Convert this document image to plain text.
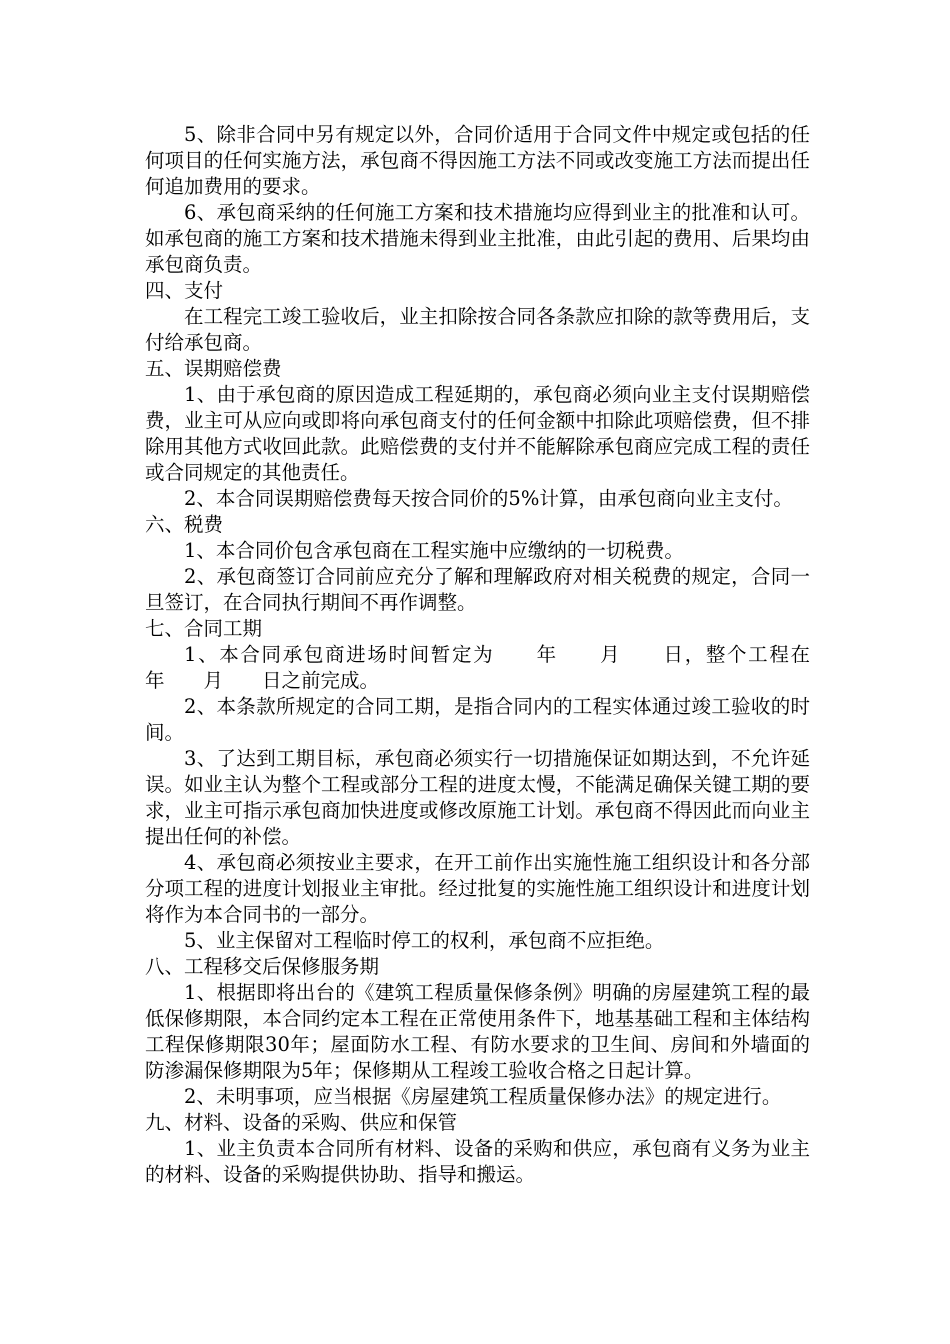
5、除非合同中另有规定以外，合同价适用于合同文件中规定或包括的任何项目的任何实施方法，承包商不得因施工方法不同或改变施工方法而提出任何追加费用的要求。

6、承包商采纳的任何施工方案和技术措施均应得到业主的批准和认可。如承包商的施工方案和技术措施未得到业主批准，由此引起的费用、后果均由承包商负责。

四、支付

在工程完工竣工验收后，业主扣除按合同各条款应扣除的款等费用后，支付给承包商。

五、误期赔偿费

1、由于承包商的原因造成工程延期的，承包商必须向业主支付误期赔偿费，业主可从应向或即将向承包商支付的任何金额中扣除此项赔偿费，但不排除用其他方式收回此款。此赔偿费的支付并不能解除承包商应完成工程的责任或合同规定的其他责任。

2、本合同误期赔偿费每天按合同价的5%计算，由承包商向业主支付。

六、税费

1、本合同价包含承包商在工程实施中应缴纳的一切税费。

2、承包商签订合同前应充分了解和理解政府对相关税费的规定，合同一旦签订，在合同执行期间不再作调整。

七、合同工期

1、本合同承包商进场时间暂定为　　年　　月　　日，整个工程在　　　年　　月　　日之前完成。

2、本条款所规定的合同工期，是指合同内的工程实体通过竣工验收的时间。

3、了达到工期目标，承包商必须实行一切措施保证如期达到，不允许延误。如业主认为整个工程或部分工程的进度太慢，不能满足确保关键工期的要求，业主可指示承包商加快进度或修改原施工计划。承包商不得因此而向业主提出任何的补偿。

4、承包商必须按业主要求，在开工前作出实施性施工组织设计和各分部分项工程的进度计划报业主审批。经过批复的实施性施工组织设计和进度计划将作为本合同书的一部分。

5、业主保留对工程临时停工的权利，承包商不应拒绝。

八、工程移交后保修服务期

1、根据即将出台的《建筑工程质量保修条例》明确的房屋建筑工程的最低保修期限，本合同约定本工程在正常使用条件下，地基基础工程和主体结构工程保修期限30年；屋面防水工程、有防水要求的卫生间、房间和外墙面的防渗漏保修期限为5年；保修期从工程竣工验收合格之日起计算。

2、未明事项，应当根据《房屋建筑工程质量保修办法》的规定进行。

九、材料、设备的采购、供应和保管

1、业主负责本合同所有材料、设备的采购和供应，承包商有义务为业主的材料、设备的采购提供协助、指导和搬运。
